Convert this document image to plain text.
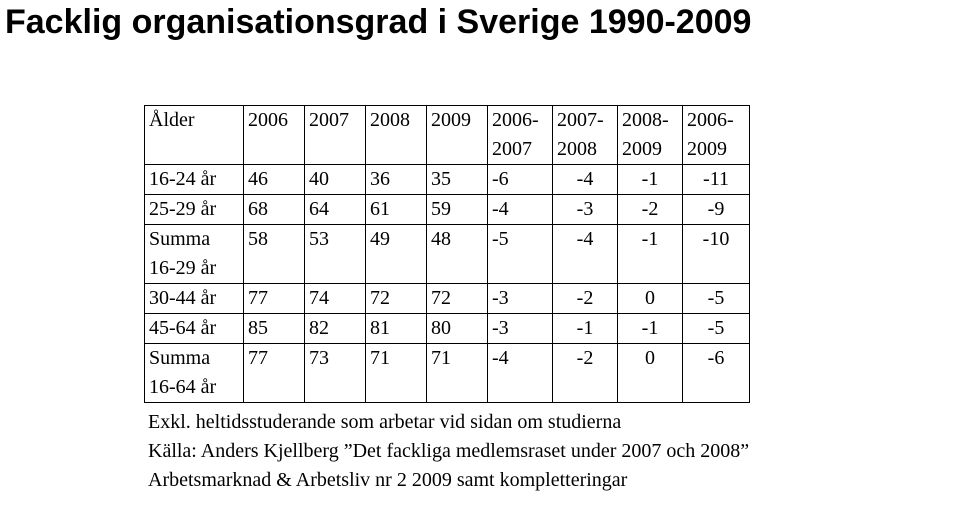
Facklig organisationsgrad i Sverige 1990-2009
Ålder	2006	2007	2008	2009	2006-2007	2007-2008	2008-2009	2006-2009
16-24 år	46	40	36	35	-6	-4	-1	-11
25-29 år	68	64	61	59	-4	-3	-2	-9
Summa 16-29 år	58	53	49	48	-5	-4	-1	-10
30-44 år	77	74	72	72	-3	-2	0	-5
45-64 år	85	82	81	80	-3	-1	-1	-5
Summa 16-64 år	77	73	71	71	-4	-2	0	-6
Exkl. heltidsstuderande som arbetar vid sidan om studierna
Källa: Anders Kjellberg ”Det fackliga medlemsraset under 2007 och 2008” Arbetsmarknad & Arbetsliv nr 2 2009 samt kompletteringar
